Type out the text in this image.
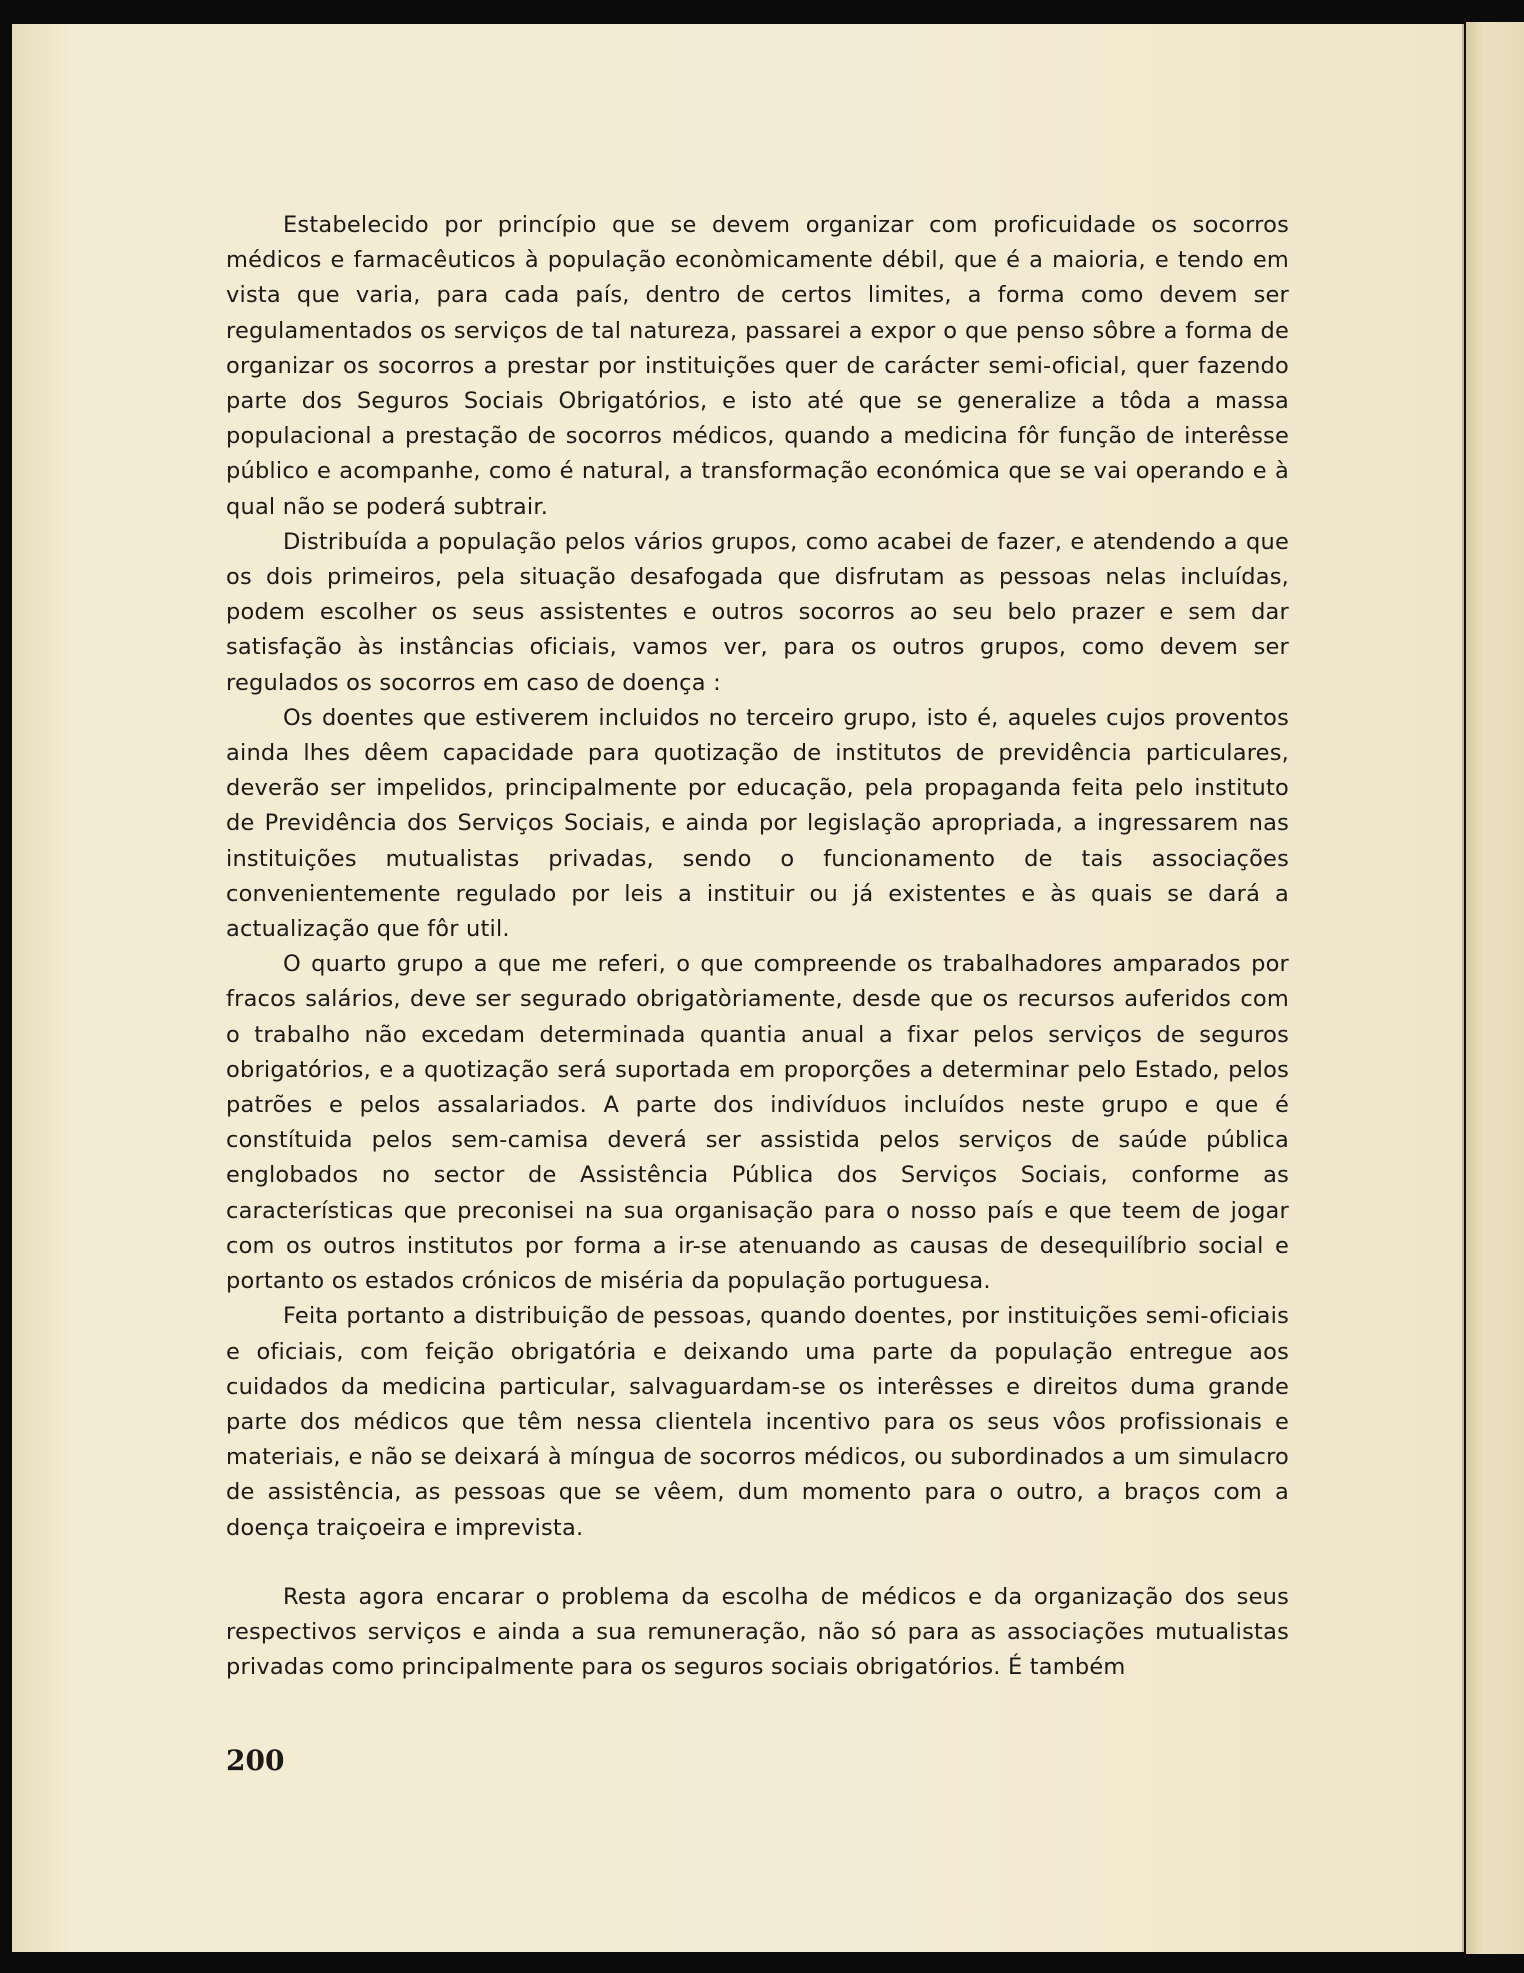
Estabelecido por princípio que se devem organizar com proficuidade os socorros médicos e farmacêuticos à população econòmicamente débil, que é a maioria, e tendo em vista que varia, para cada país, dentro de certos limites, a forma como devem ser regulamentados os serviços de tal natureza, passarei a expor o que penso sôbre a forma de organizar os socorros a prestar por instituições quer de carácter semi-oficial, quer fazendo parte dos Seguros Sociais Obrigatórios, e isto até que se generalize a tôda a massa populacional a prestação de socorros médicos, quando a medicina fôr função de interêsse público e acompanhe, como é natural, a transformação económica que se vai operando e à qual não se poderá subtrair.

Distribuída a população pelos vários grupos, como acabei de fazer, e atendendo a que os dois primeiros, pela situação desafogada que disfrutam as pessoas nelas incluídas, podem escolher os seus assistentes e outros socorros ao seu belo prazer e sem dar satisfação às instâncias oficiais, vamos ver, para os outros grupos, como devem ser regulados os socorros em caso de doença :

Os doentes que estiverem incluidos no terceiro grupo, isto é, aqueles cujos proventos ainda lhes dêem capacidade para quotização de institutos de previdência particulares, deverão ser impelidos, principalmente por educação, pela propaganda feita pelo instituto de Previdência dos Serviços Sociais, e ainda por legislação apropriada, a ingressarem nas instituições mutualistas privadas, sendo o funcionamento de tais associações convenientemente regulado por leis a instituir ou já existentes e às quais se dará a actualização que fôr util.

O quarto grupo a que me referi, o que compreende os trabalhadores amparados por fracos salários, deve ser segurado obrigatòriamente, desde que os recursos auferidos com o trabalho não excedam determinada quantia anual a fixar pelos serviços de seguros obrigatórios, e a quotização será suportada em proporções a determinar pelo Estado, pelos patrões e pelos assalariados. A parte dos indivíduos incluídos neste grupo e que é constítuida pelos sem-camisa deverá ser assistida pelos serviços de saúde pública englobados no sector de Assistência Pública dos Serviços Sociais, conforme as características que preconisei na sua organisação para o nosso país e que teem de jogar com os outros institutos por forma a ir-se atenuando as causas de desequilíbrio social e portanto os estados crónicos de miséria da população portuguesa.

Feita portanto a distribuição de pessoas, quando doentes, por instituições semi-oficiais e oficiais, com feição obrigatória e deixando uma parte da população entregue aos cuidados da medicina particular, salvaguardam-se os interêsses e direitos duma grande parte dos médicos que têm nessa clientela incentivo para os seus vôos profissionais e materiais, e não se deixará à míngua de socorros médicos, ou subordinados a um simulacro de assistência, as pessoas que se vêem, dum momento para o outro, a braços com a doença traiçoeira e imprevista.

Resta agora encarar o problema da escolha de médicos e da organização dos seus respectivos serviços e ainda a sua remuneração, não só para as associações mutualistas privadas como principalmente para os seguros sociais obrigatórios. É também

200
